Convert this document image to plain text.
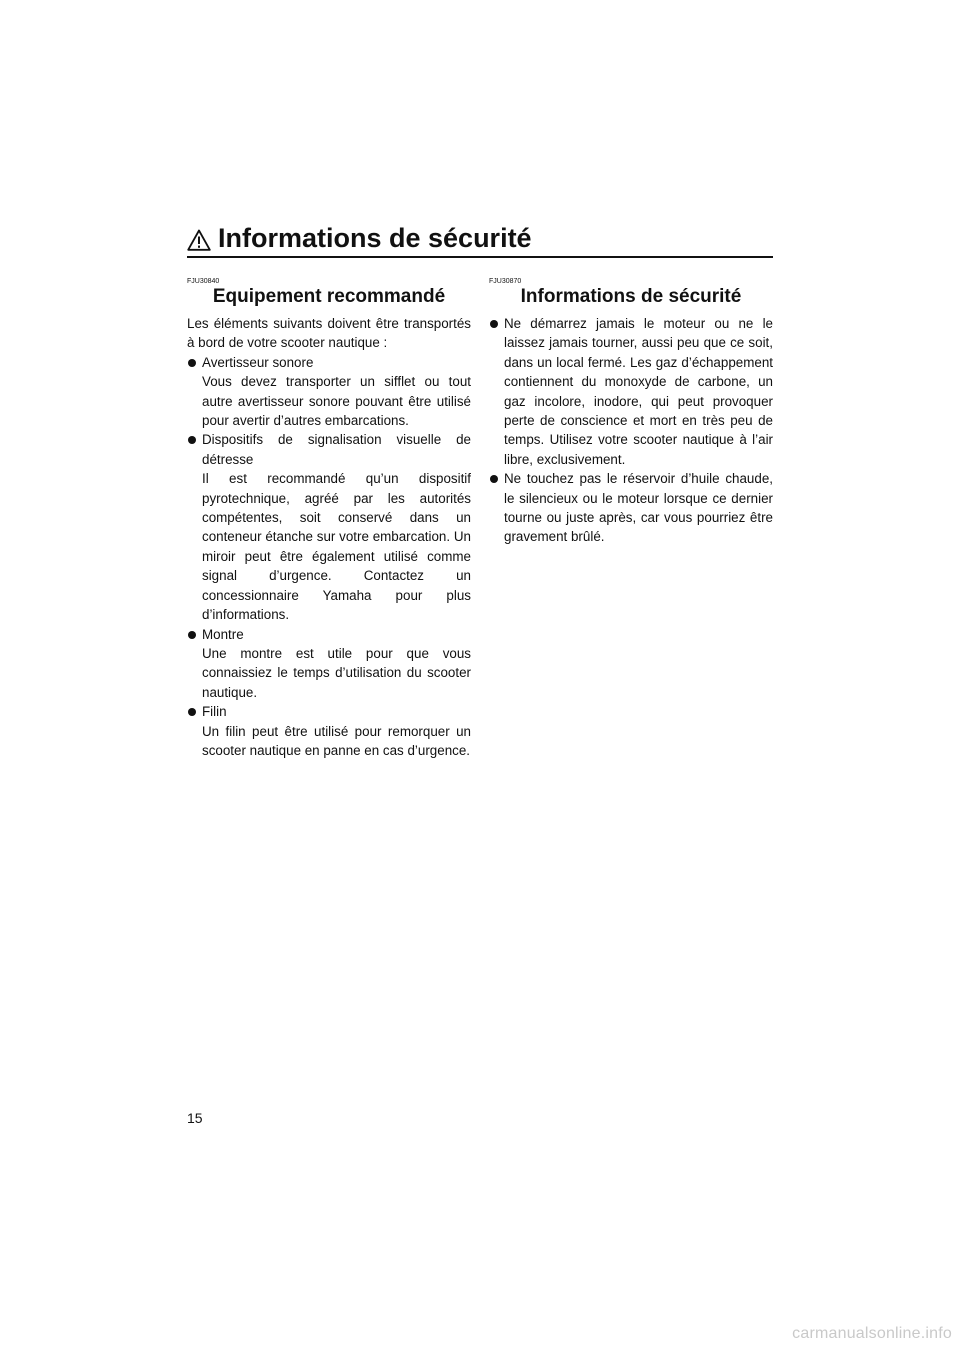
Informations de sécurité
FJU30840
Equipement recommandé

Les éléments suivants doivent être transportés à bord de votre scooter nautique :

Avertisseur sonore

Vous devez transporter un sifflet ou tout autre avertisseur sonore pouvant être utilisé pour avertir d’autres embarcations.

Dispositifs de signalisation visuelle de détresse

Il est recommandé qu’un dispositif pyrotechnique, agréé par les autorités compétentes, soit conservé dans un conteneur étanche sur votre embarcation. Un miroir peut être également utilisé comme signal d’urgence. Contactez un concessionnaire Yamaha pour plus d’informations.

Montre

Une montre est utile pour que vous connaissiez le temps d’utilisation du scooter nautique.

Filin

Un filin peut être utilisé pour remorquer un scooter nautique en panne en cas d’urgence.

FJU30870
Informations de sécurité

Ne démarrez jamais le moteur ou ne le laissez jamais tourner, aussi peu que ce soit, dans un local fermé. Les gaz d’échappement contiennent du monoxyde de carbone, un gaz incolore, inodore, qui peut provoquer perte de conscience et mort en très peu de temps. Utilisez votre scooter nautique à l’air libre, exclusivement.

Ne touchez pas le réservoir d’huile chaude, le silencieux ou le moteur lorsque ce dernier tourne ou juste après, car vous pourriez être gravement brûlé.

15
carmanualsonline.info
